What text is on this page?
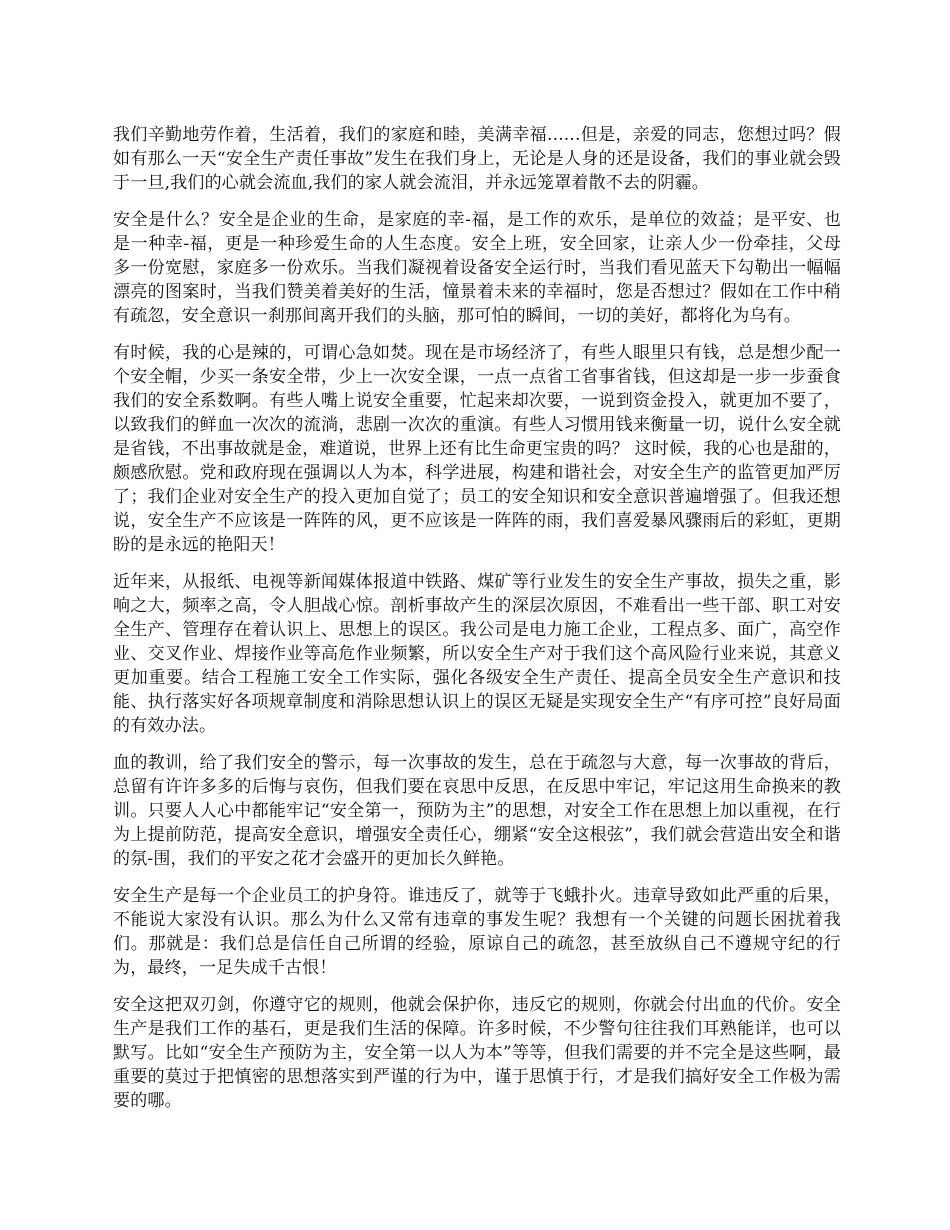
我们辛勤地劳作着，生活着，我们的家庭和睦，美满幸福......但是，亲爱的同志，您想过吗？假如有那么一天“安全生产责任事故”发生在我们身上，无论是人身的还是设备，我们的事业就会毁于一旦,我们的心就会流血,我们的家人就会流泪，并永远笼罩着散不去的阴霾。

安全是什么？安全是企业的生命，是家庭的幸-福，是工作的欢乐，是单位的效益；是平安、也是一种幸-福，更是一种珍爱生命的人生态度。安全上班，安全回家，让亲人少一份牵挂，父母多一份宽慰，家庭多一份欢乐。当我们凝视着设备安全运行时，当我们看见蓝天下勾勒出一幅幅漂亮的图案时，当我们赞美着美好的生活，憧景着未来的幸福时，您是否想过？假如在工作中稍有疏忽，安全意识一刹那间离开我们的头脑，那可怕的瞬间，一切的美好，都将化为乌有。

有时候，我的心是辣的，可谓心急如焚。现在是市场经济了，有些人眼里只有钱，总是想少配一个安全帽，少买一条安全带，少上一次安全课，一点一点省工省事省钱，但这却是一步一步蚕食我们的安全系数啊。有些人嘴上说安全重要，忙起来却次要，一说到资金投入，就更加不要了，以致我们的鲜血一次次的流淌，悲剧一次次的重演。有些人习惯用钱来衡量一切，说什么安全就是省钱，不出事故就是金，难道说，世界上还有比生命更宝贵的吗？ 这时候，我的心也是甜的，颇感欣慰。党和政府现在强调以人为本，科学进展，构建和谐社会，对安全生产的监管更加严厉了；我们企业对安全生产的投入更加自觉了；员工的安全知识和安全意识普遍增强了。但我还想说，安全生产不应该是一阵阵的风，更不应该是一阵阵的雨，我们喜爱暴风骤雨后的彩虹，更期盼的是永远的艳阳天！

近年来，从报纸、电视等新闻媒体报道中铁路、煤矿等行业发生的安全生产事故，损失之重，影响之大，频率之高，令人胆战心惊。剖析事故产生的深层次原因，不难看出一些干部、职工对安全生产、管理存在着认识上、思想上的误区。我公司是电力施工企业，工程点多、面广，高空作业、交叉作业、焊接作业等高危作业频繁，所以安全生产对于我们这个高风险行业来说，其意义更加重要。结合工程施工安全工作实际，强化各级安全生产责任、提高全员安全生产意识和技能、执行落实好各项规章制度和消除思想认识上的误区无疑是实现安全生产“有序可控”良好局面的有效办法。

血的教训，给了我们安全的警示，每一次事故的发生，总在于疏忽与大意，每一次事故的背后，总留有许许多多的后悔与哀伤，但我们要在哀思中反思，在反思中牢记，牢记这用生命换来的教训。只要人人心中都能牢记“安全第一，预防为主”的思想，对安全工作在思想上加以重视，在行为上提前防范，提高安全意识，增强安全责任心，绷紧“安全这根弦”，我们就会营造出安全和谐的氛-围，我们的平安之花才会盛开的更加长久鲜艳。

安全生产是每一个企业员工的护身符。谁违反了，就等于飞蛾扑火。违章导致如此严重的后果，不能说大家没有认识。那么为什么又常有违章的事发生呢？我想有一个关键的问题长困扰着我们。那就是：我们总是信任自己所谓的经验，原谅自己的疏忽，甚至放纵自己不遵规守纪的行为，最终，一足失成千古恨！

安全这把双刃剑，你遵守它的规则，他就会保护你，违反它的规则，你就会付出血的代价。安全生产是我们工作的基石，更是我们生活的保障。许多时候，不少警句往往我们耳熟能详，也可以默写。比如“安全生产预防为主，安全第一以人为本”等等，但我们需要的并不完全是这些啊，最重要的莫过于把慎密的思想落实到严谨的行为中，谨于思慎于行，才是我们搞好安全工作极为需要的哪。
